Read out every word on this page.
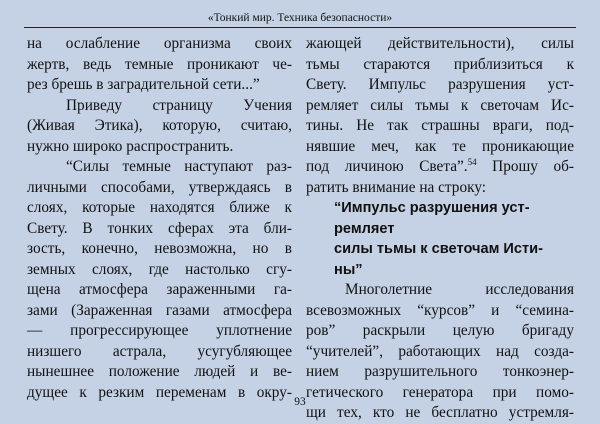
«Тонкий мир. Техника безопасности»
на ослабление организма своих
жертв, ведь темные проникают че-
рез брешь в заградительной сети...”
Приведу страницу Учения
(Живая Этика), которую, считаю,
нужно широко распространить.
“Силы темные наступают раз-
личными способами, утверждаясь в
слоях, которые находятся ближе к
Свету. В тонких сферах эта бли-
зость, конечно, невозможна, но в
земных слоях, где настолько сгу-
щена атмосфера зараженными га-
зами (Зараженная газами атмосфера
— прогрессирующее уплотнение
низшего астрала, усугубляющее
нынешнее положение людей и ве-
дущее к резким переменам в окру-
жающей действительности), силы
тьмы стараются приблизиться к
Свету. Импульс разрушения уст-
ремляет силы тьмы к светочам Ис-
тины. Не так страшны враги, под-
нявшие меч, как те проникающие
под личиною Света”.$^{54}$ Прошу об-
ратить внимание на строку:
“Импульс разрушения уст-
ремляет
силы тьмы к светочам Исти-
ны”
Многолетние исследования
всевозможных “курсов” и “семина-
ров” раскрыли целую бригаду
“учителей”, работающих над созда-
нием разрушительного тонкоэнер-
гетического генератора при помо-
щи тех, кто не бесплатно устремля-
93
